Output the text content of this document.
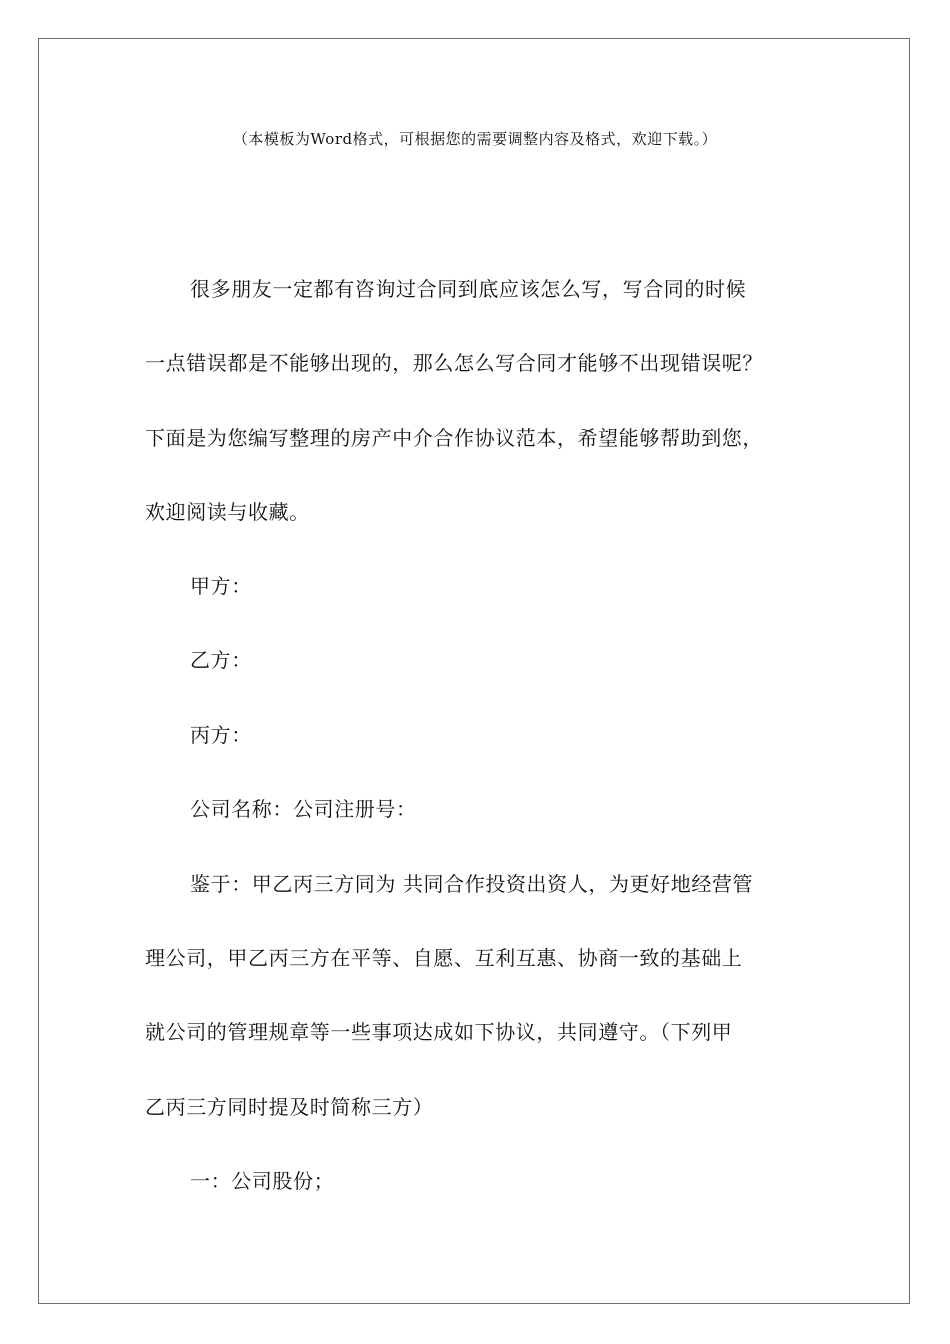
（本模板为Word格式，可根据您的需要调整内容及格式，欢迎下载。）
很多朋友一定都有咨询过合同到底应该怎么写，写合同的时候
一点错误都是不能够出现的，那么怎么写合同才能够不出现错误呢？
下面是为您编写整理的房产中介合作协议范本，希望能够帮助到您，
欢迎阅读与收藏。
甲方：
乙方：
丙方：
公司名称：公司注册号：
鉴于：甲乙丙三方同为 共同合作投资出资人，为更好地经营管
理公司，甲乙丙三方在平等、自愿、互利互惠、协商一致的基础上
就公司的管理规章等一些事项达成如下协议，共同遵守。（下列甲
乙丙三方同时提及时简称三方）
一：公司股份；
